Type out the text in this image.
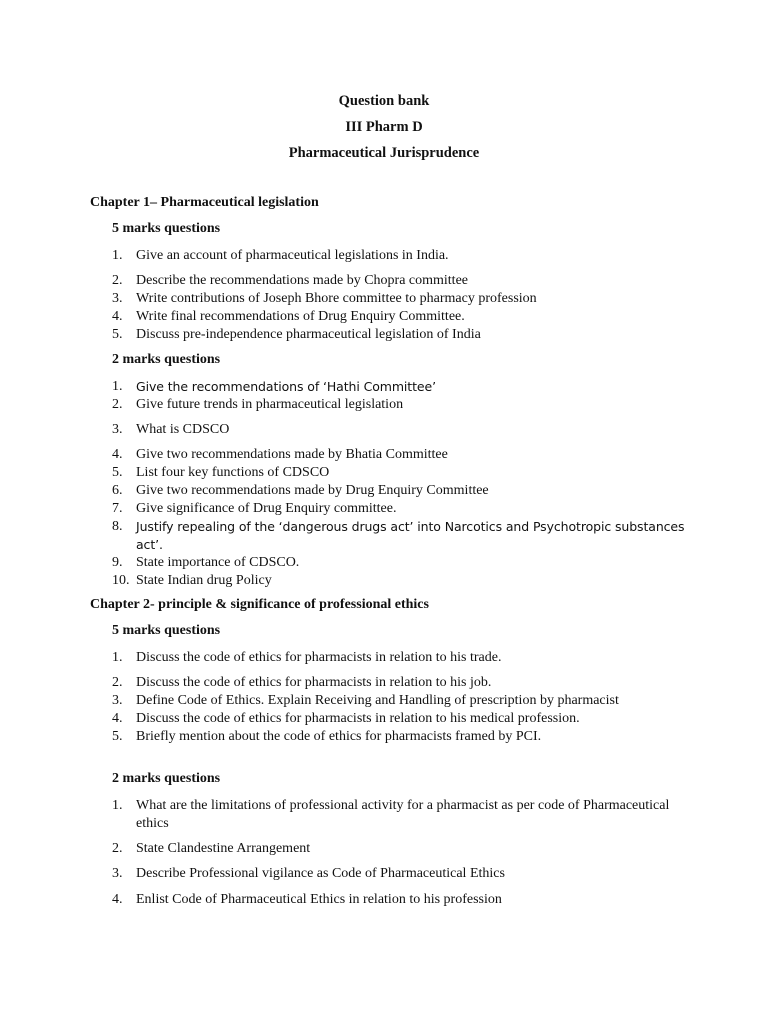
Question bank
III Pharm D
Pharmaceutical Jurisprudence
Chapter 1– Pharmaceutical legislation
5 marks questions
1. Give an account of pharmaceutical legislations in India.
2. Describe the recommendations made by Chopra committee
3. Write contributions of Joseph Bhore committee to pharmacy profession
4. Write final recommendations of Drug Enquiry Committee.
5. Discuss pre-independence pharmaceutical legislation of India
2 marks questions
1.	Give the recommendations of ‘Hathi Committee’
2. Give future trends in pharmaceutical legislation
3. What is CDSCO
4. Give two recommendations made by Bhatia Committee
5. List four key functions of CDSCO
6. Give two recommendations made by Drug Enquiry Committee
7. Give significance of Drug Enquiry committee.
8.	Justify repealing of the ‘dangerous drugs act’ into Narcotics and Psychotropic substances act’.
9. State importance of CDSCO.
10. State Indian drug Policy
Chapter 2- principle & significance of professional ethics
5 marks questions
1. Discuss the code of ethics for pharmacists in relation to his trade.
2. Discuss the code of ethics for pharmacists in relation to his job.
3. Define Code of Ethics. Explain Receiving and Handling of prescription by pharmacist
4. Discuss the code of ethics for pharmacists in relation to his medical profession.
5. Briefly mention about the code of ethics for pharmacists framed by PCI.
2 marks questions
1. What are the limitations of professional activity for a pharmacist as per code of Pharmaceutical ethics
2. State Clandestine Arrangement
3. Describe Professional vigilance as Code of Pharmaceutical Ethics
4. Enlist Code of Pharmaceutical Ethics in relation to his profession
